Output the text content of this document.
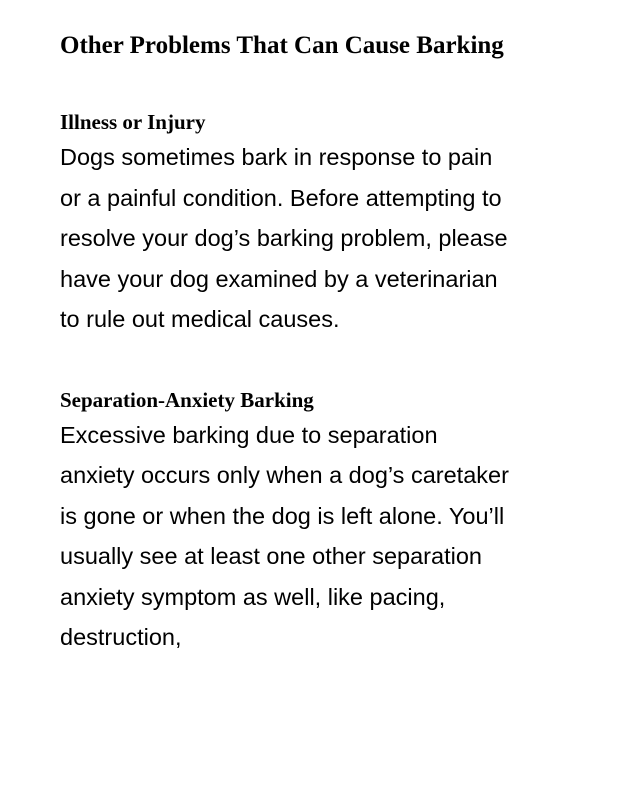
Other Problems That Can Cause Barking
Illness or Injury

Dogs sometimes bark in response to pain or a painful condition. Before attempting to resolve your dog’s barking problem, please have your dog examined by a veterinarian to rule out medical causes.

Separation-Anxiety Barking

Excessive barking due to separation anxiety occurs only when a dog’s caretaker is gone or when the dog is left alone. You’ll usually see at least one other separation anxiety symptom as well, like pacing, destruction,
